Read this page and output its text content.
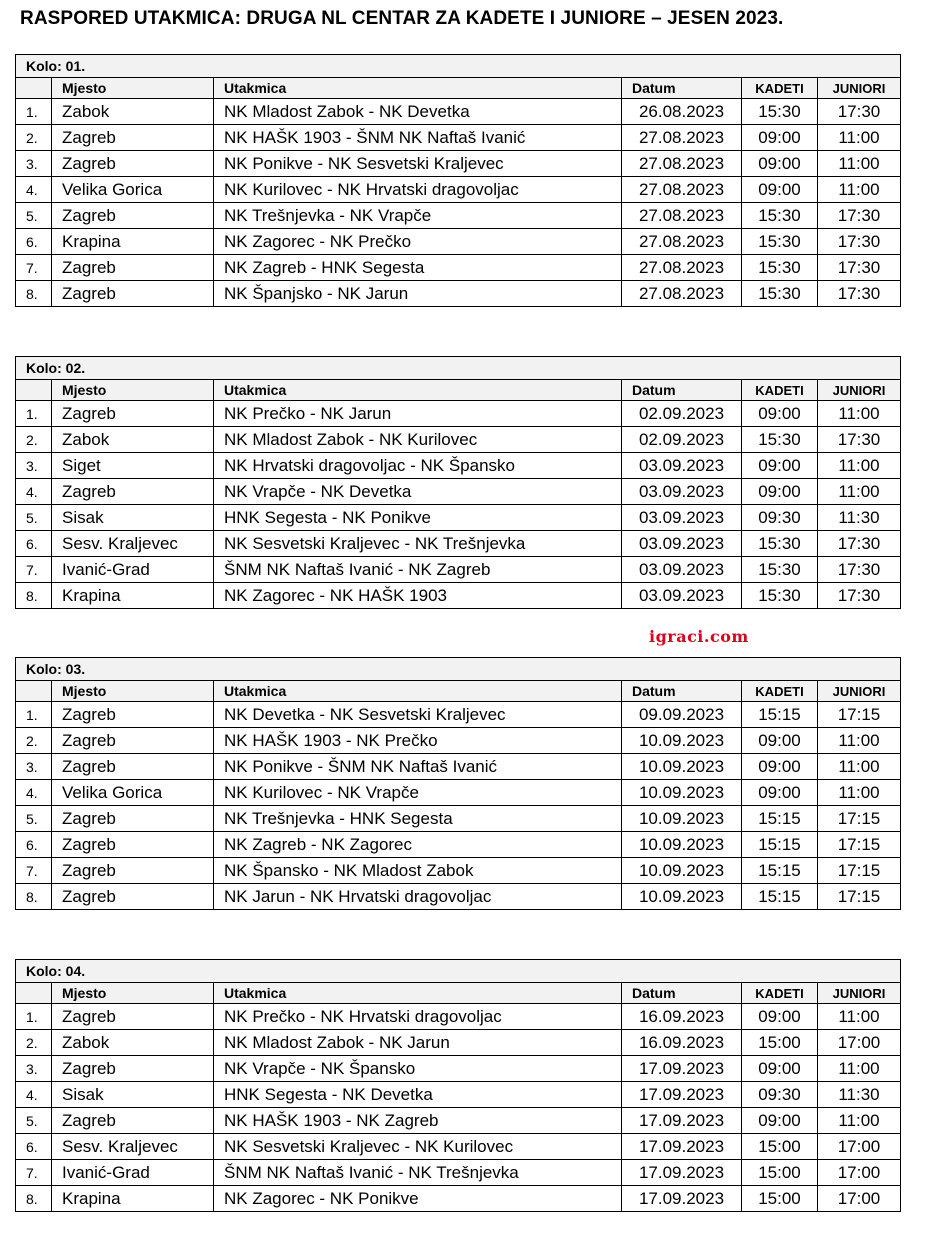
RASPORED UTAKMICA: DRUGA NL CENTAR ZA KADETE I JUNIORE – JESEN 2023.
igraci.com
Kolo: 01.					
	Mjesto	Utakmica	Datum	KADETI	JUNIORI
1.	Zabok	NK Mladost Zabok - NK Devetka	26.08.2023	15:30	17:30
2.	Zagreb	NK HAŠK 1903 - ŠNM NK Naftaš Ivanić	27.08.2023	09:00	11:00
3.	Zagreb	NK Ponikve - NK Sesvetski Kraljevec	27.08.2023	09:00	11:00
4.	Velika Gorica	NK Kurilovec - NK Hrvatski dragovoljac	27.08.2023	09:00	11:00
5.	Zagreb	NK Trešnjevka - NK Vrapče	27.08.2023	15:30	17:30
6.	Krapina	NK Zagorec - NK Prečko	27.08.2023	15:30	17:30
7.	Zagreb	NK Zagreb - HNK Segesta	27.08.2023	15:30	17:30
8.	Zagreb	NK Španjsko - NK Jarun	27.08.2023	15:30	17:30
Kolo: 02.					
	Mjesto	Utakmica	Datum	KADETI	JUNIORI
1.	Zagreb	NK Prečko - NK Jarun	02.09.2023	09:00	11:00
2.	Zabok	NK Mladost Zabok - NK Kurilovec	02.09.2023	15:30	17:30
3.	Siget	NK Hrvatski dragovoljac - NK Špansko	03.09.2023	09:00	11:00
4.	Zagreb	NK Vrapče - NK Devetka	03.09.2023	09:00	11:00
5.	Sisak	HNK Segesta - NK Ponikve	03.09.2023	09:30	11:30
6.	Sesv. Kraljevec	NK Sesvetski Kraljevec - NK Trešnjevka	03.09.2023	15:30	17:30
7.	Ivanić-Grad	ŠNM NK Naftaš Ivanić - NK Zagreb	03.09.2023	15:30	17:30
8.	Krapina	NK Zagorec - NK HAŠK 1903	03.09.2023	15:30	17:30
Kolo: 03.					
	Mjesto	Utakmica	Datum	KADETI	JUNIORI
1.	Zagreb	NK Devetka - NK Sesvetski Kraljevec	09.09.2023	15:15	17:15
2.	Zagreb	NK HAŠK 1903 - NK Prečko	10.09.2023	09:00	11:00
3.	Zagreb	NK Ponikve - ŠNM NK Naftaš Ivanić	10.09.2023	09:00	11:00
4.	Velika Gorica	NK Kurilovec - NK Vrapče	10.09.2023	09:00	11:00
5.	Zagreb	NK Trešnjevka - HNK Segesta	10.09.2023	15:15	17:15
6.	Zagreb	NK Zagreb - NK Zagorec	10.09.2023	15:15	17:15
7.	Zagreb	NK Špansko - NK Mladost Zabok	10.09.2023	15:15	17:15
8.	Zagreb	NK Jarun - NK Hrvatski dragovoljac	10.09.2023	15:15	17:15
Kolo: 04.					
	Mjesto	Utakmica	Datum	KADETI	JUNIORI
1.	Zagreb	NK Prečko - NK Hrvatski dragovoljac	16.09.2023	09:00	11:00
2.	Zabok	NK Mladost Zabok - NK Jarun	16.09.2023	15:00	17:00
3.	Zagreb	NK Vrapče - NK Špansko	17.09.2023	09:00	11:00
4.	Sisak	HNK Segesta - NK Devetka	17.09.2023	09:30	11:30
5.	Zagreb	NK HAŠK 1903 - NK Zagreb	17.09.2023	09:00	11:00
6.	Sesv. Kraljevec	NK Sesvetski Kraljevec - NK Kurilovec	17.09.2023	15:00	17:00
7.	Ivanić-Grad	ŠNM NK Naftaš Ivanić - NK Trešnjevka	17.09.2023	15:00	17:00
8.	Krapina	NK Zagorec - NK Ponikve	17.09.2023	15:00	17:00
